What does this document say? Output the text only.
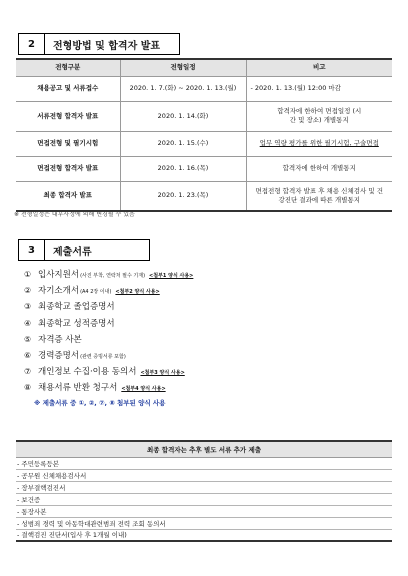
2	전형방법 및 합격자 발표
전형구분	전형일정	비고
채용공고 및 서류접수	2020. 1. 7.(화) ~ 2020. 1. 13.(월)	- 2020. 1. 13.(월) 12:00 마감
서류전형 합격자 발표	2020. 1. 14.(화)	합격자에 한하여 면접일정 (시간 및 장소) 개별통지
면접전형 및 필기시험	2020. 1. 15.(수)	업무 역량 평가를 위한 필기시험, 구술면접
면접전형 합격자 발표	2020. 1. 16.(목)	합격자에 한하여 개별통지
최종 합격자 발표	2020. 1. 23.(목)	면접전형 합격자 발표 후 채용 신체검사 및 건강진단 결과에 따른 개별통지
※ 전형일정은 내부사정에 의해 변경될 수 있음
3	제출서류
① 입사지원서 (사진 부착, 연락처 필수 기재) <첨부1 양식 사용>
② 자기소개서 (A4 2장 이내) <첨부2 양식 사용>
③ 최종학교 졸업증명서
④ 최종학교 성적증명서
⑤ 자격증 사본
⑥ 경력증명서 (관련 증빙서류 포함)
⑦ 개인정보 수집·이용 동의서 <첨부3 양식 사용>
⑧ 채용서류 반환 청구서 <첨부4 양식 사용>
※ 제출서류 중 ①, ②, ⑦, ⑧ 첨부된 양식 사용
최종 합격자는 추후 별도 서류 추가 제출
- 주민등록등본
- 공무원 신체채용검사서
- 장부결핵검진서
- 보건증
- 통장사본
- 성범죄 경력 및 아동학대관련범죄 전력 조회 동의서
- 결핵검진 진단서(입사 후 1개월 이내)
